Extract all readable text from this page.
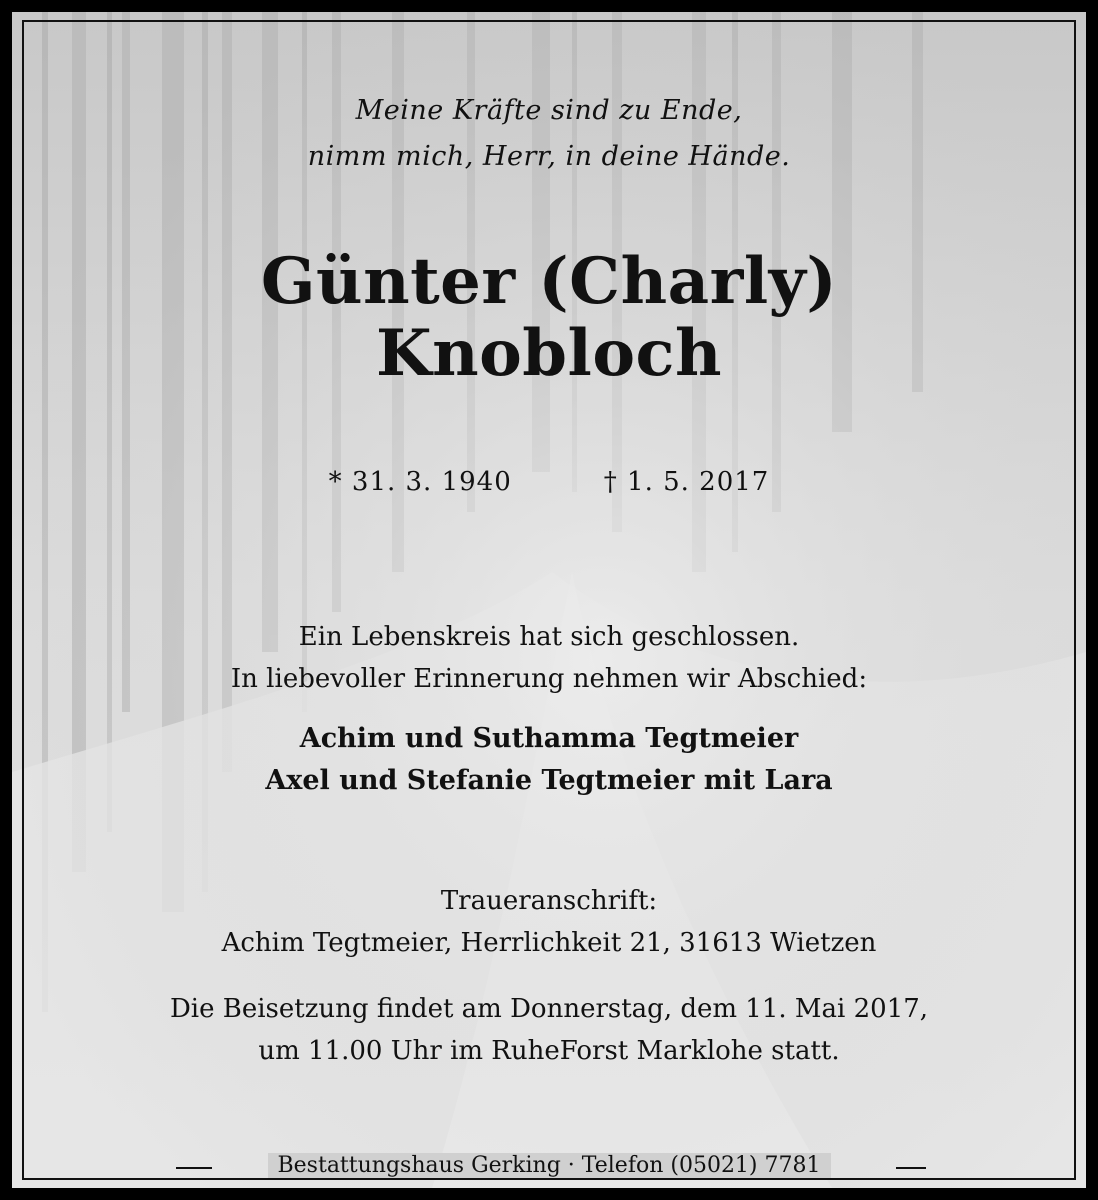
Meine Kräfte sind zu Ende,
nimm mich, Herr, in deine Hände.

Günter (Charly)
Knobloch

* 31. 3. 1940	† 1. 5. 2017

Ein Lebenskreis hat sich geschlossen.
In liebevoller Erinnerung nehmen wir Abschied:

Achim und Suthamma Tegtmeier
Axel und Stefanie Tegtmeier mit Lara

Traueranschrift:
Achim Tegtmeier, Herrlichkeit 21, 31613 Wietzen

Die Beisetzung findet am Donnerstag, dem 11. Mai 2017,
um 11.00 Uhr im RuheForst Marklohe statt.

Bestattungshaus Gerking · Telefon (05021) 7781
